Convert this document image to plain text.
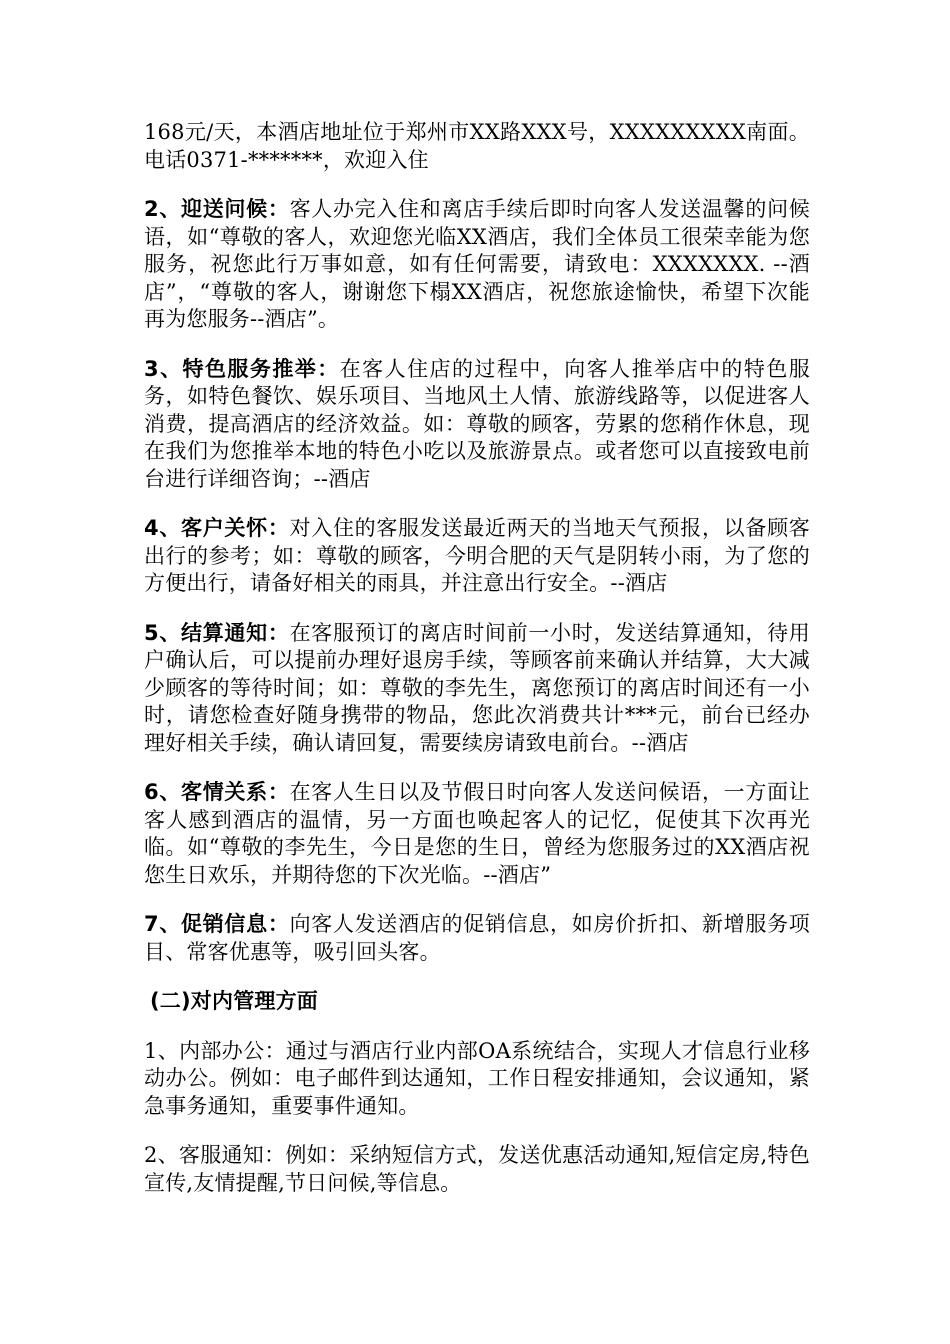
168元/天，本酒店地址位于郑州市XX路XXX号，XXXXXXXXX南面。电话0371-*******，欢迎入住

2、迎送问候：客人办完入住和离店手续后即时向客人发送温馨的问候语，如“尊敬的客人，欢迎您光临XX酒店，我们全体员工很荣幸能为您服务，祝您此行万事如意，如有任何需要，请致电：XXXXXXX. --酒店”，“尊敬的客人，谢谢您下榻XX酒店，祝您旅途愉快，希望下次能再为您服务--酒店”。

3、特色服务推举：在客人住店的过程中，向客人推举店中的特色服务，如特色餐饮、娱乐项目、当地风土人情、旅游线路等，以促进客人消费，提高酒店的经济效益。如：尊敬的顾客，劳累的您稍作休息，现在我们为您推举本地的特色小吃以及旅游景点。或者您可以直接致电前台进行详细咨询；--酒店

4、客户关怀：对入住的客服发送最近两天的当地天气预报，以备顾客出行的参考；如：尊敬的顾客，今明合肥的天气是阴转小雨，为了您的方便出行，请备好相关的雨具，并注意出行安全。--酒店

5、结算通知：在客服预订的离店时间前一小时，发送结算通知，待用户确认后，可以提前办理好退房手续，等顾客前来确认并结算，大大减少顾客的等待时间；如：尊敬的李先生，离您预订的离店时间还有一小时，请您检查好随身携带的物品，您此次消费共计***元，前台已经办理好相关手续，确认请回复，需要续房请致电前台。--酒店

6、客情关系：在客人生日以及节假日时向客人发送问候语，一方面让客人感到酒店的温情，另一方面也唤起客人的记忆，促使其下次再光临。如“尊敬的李先生，今日是您的生日，曾经为您服务过的XX酒店祝您生日欢乐，并期待您的下次光临。--酒店”

7、促销信息：向客人发送酒店的促销信息，如房价折扣、新增服务项目、常客优惠等，吸引回头客。

(二)对内管理方面

1、内部办公：通过与酒店行业内部OA系统结合，实现人才信息行业移动办公。例如：电子邮件到达通知，工作日程安排通知，会议通知，紧急事务通知，重要事件通知。

2、客服通知：例如：采纳短信方式，发送优惠活动通知,短信定房,特色宣传,友情提醒,节日问候,等信息。
